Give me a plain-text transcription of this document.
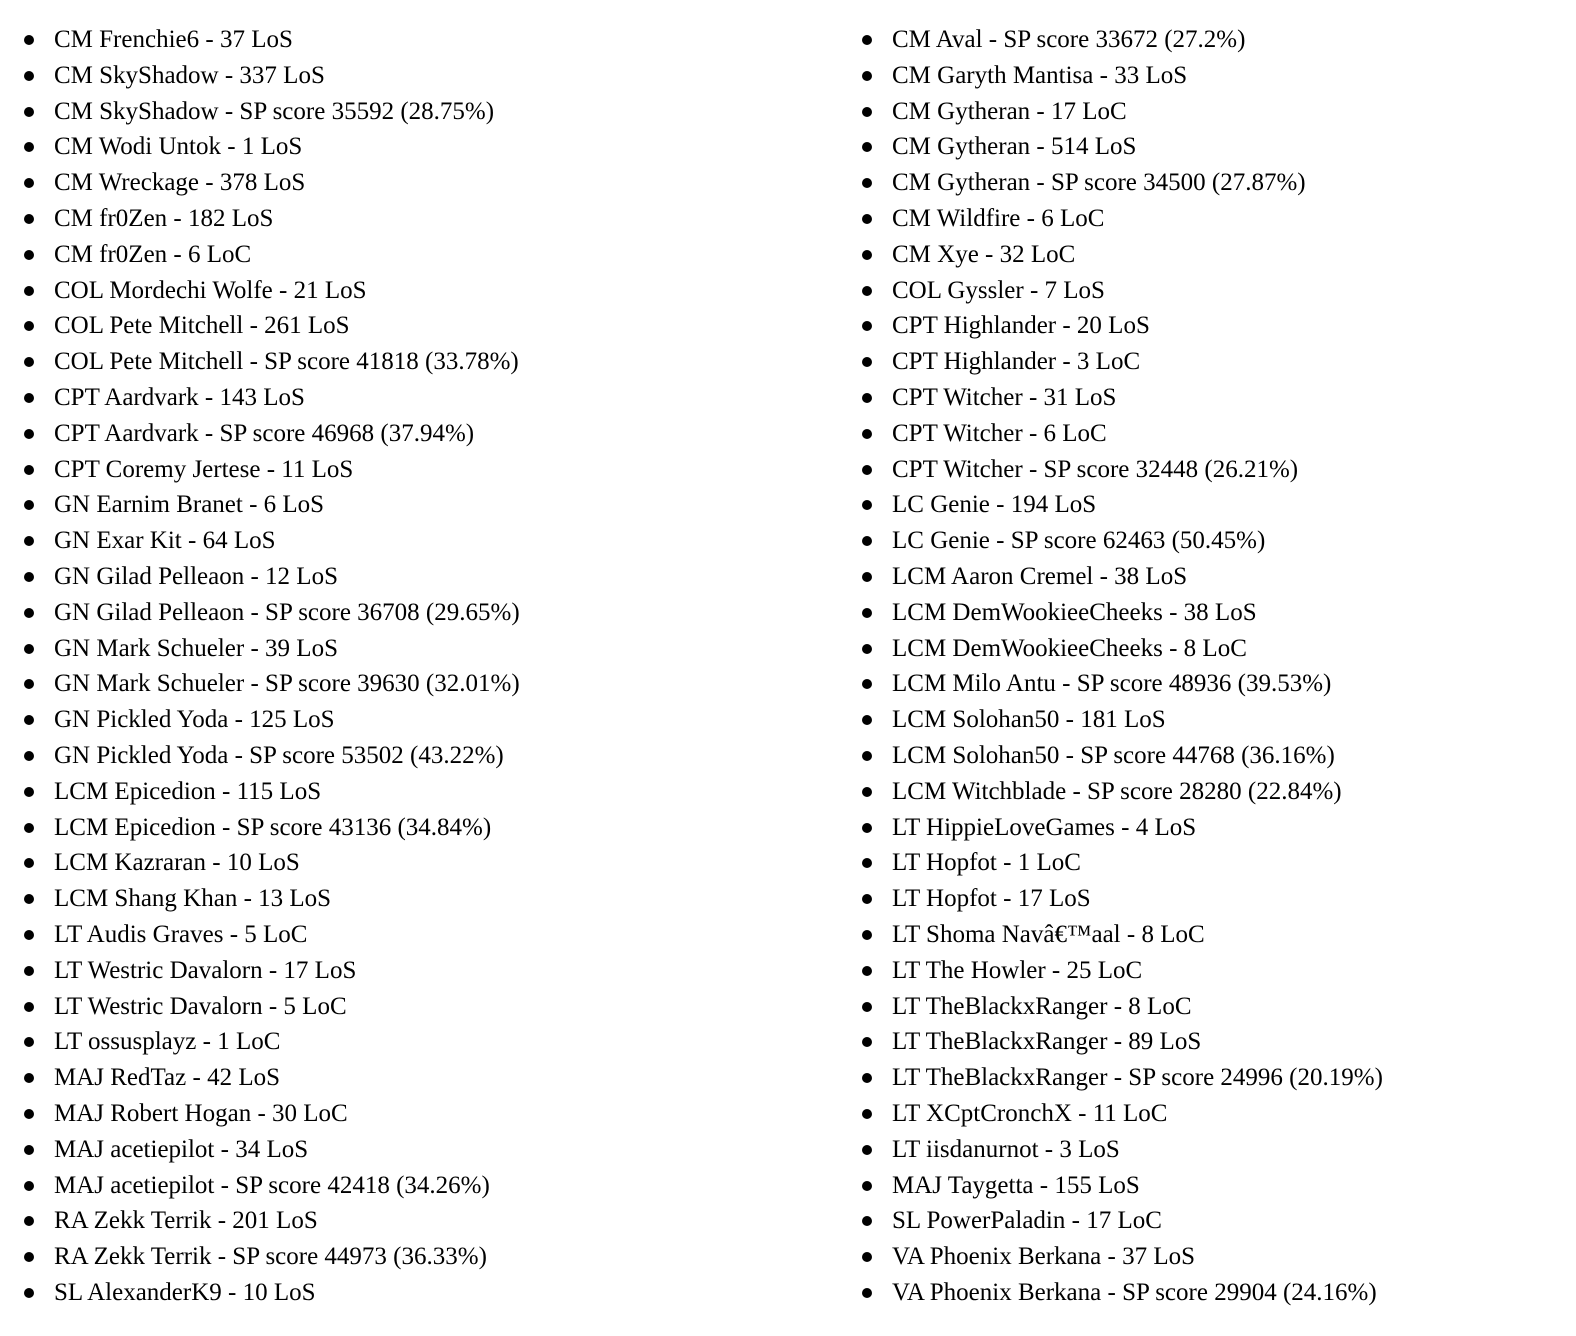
CM Frenchie6 - 37 LoS
CM SkyShadow - 337 LoS
CM SkyShadow - SP score 35592 (28.75%)
CM Wodi Untok - 1 LoS
CM Wreckage - 378 LoS
CM fr0Zen - 182 LoS
CM fr0Zen - 6 LoC
COL Mordechi Wolfe - 21 LoS
COL Pete Mitchell - 261 LoS
COL Pete Mitchell - SP score 41818 (33.78%)
CPT Aardvark - 143 LoS
CPT Aardvark - SP score 46968 (37.94%)
CPT Coremy Jertese - 11 LoS
GN Earnim Branet - 6 LoS
GN Exar Kit - 64 LoS
GN Gilad Pelleaon - 12 LoS
GN Gilad Pelleaon - SP score 36708 (29.65%)
GN Mark Schueler - 39 LoS
GN Mark Schueler - SP score 39630 (32.01%)
GN Pickled Yoda - 125 LoS
GN Pickled Yoda - SP score 53502 (43.22%)
LCM Epicedion - 115 LoS
LCM Epicedion - SP score 43136 (34.84%)
LCM Kazraran - 10 LoS
LCM Shang Khan - 13 LoS
LT Audis Graves - 5 LoC
LT Westric Davalorn - 17 LoS
LT Westric Davalorn - 5 LoC
LT ossusplayz - 1 LoC
MAJ RedTaz - 42 LoS
MAJ Robert Hogan - 30 LoC
MAJ acetiepilot - 34 LoS
MAJ acetiepilot - SP score 42418 (34.26%)
RA Zekk Terrik - 201 LoS
RA Zekk Terrik - SP score 44973 (36.33%)
SL AlexanderK9 - 10 LoS
CM Aval - SP score 33672 (27.2%)
CM Garyth Mantisa - 33 LoS
CM Gytheran - 17 LoC
CM Gytheran - 514 LoS
CM Gytheran - SP score 34500 (27.87%)
CM Wildfire - 6 LoC
CM Xye - 32 LoC
COL Gyssler - 7 LoS
CPT Highlander - 20 LoS
CPT Highlander - 3 LoC
CPT Witcher - 31 LoS
CPT Witcher - 6 LoC
CPT Witcher - SP score 32448 (26.21%)
LC Genie - 194 LoS
LC Genie - SP score 62463 (50.45%)
LCM Aaron Cremel - 38 LoS
LCM DemWookieeCheeks - 38 LoS
LCM DemWookieeCheeks - 8 LoC
LCM Milo Antu - SP score 48936 (39.53%)
LCM Solohan50 - 181 LoS
LCM Solohan50 - SP score 44768 (36.16%)
LCM Witchblade - SP score 28280 (22.84%)
LT HippieLoveGames - 4 LoS
LT Hopfot - 1 LoC
LT Hopfot - 17 LoS
LT Shoma Navâ€™aal - 8 LoC
LT The Howler - 25 LoC
LT TheBlackxRanger - 8 LoC
LT TheBlackxRanger - 89 LoS
LT TheBlackxRanger - SP score 24996 (20.19%)
LT XCptCronchX - 11 LoC
LT iisdanurnot - 3 LoS
MAJ Taygetta - 155 LoS
SL PowerPaladin - 17 LoC
VA Phoenix Berkana - 37 LoS
VA Phoenix Berkana - SP score 29904 (24.16%)
